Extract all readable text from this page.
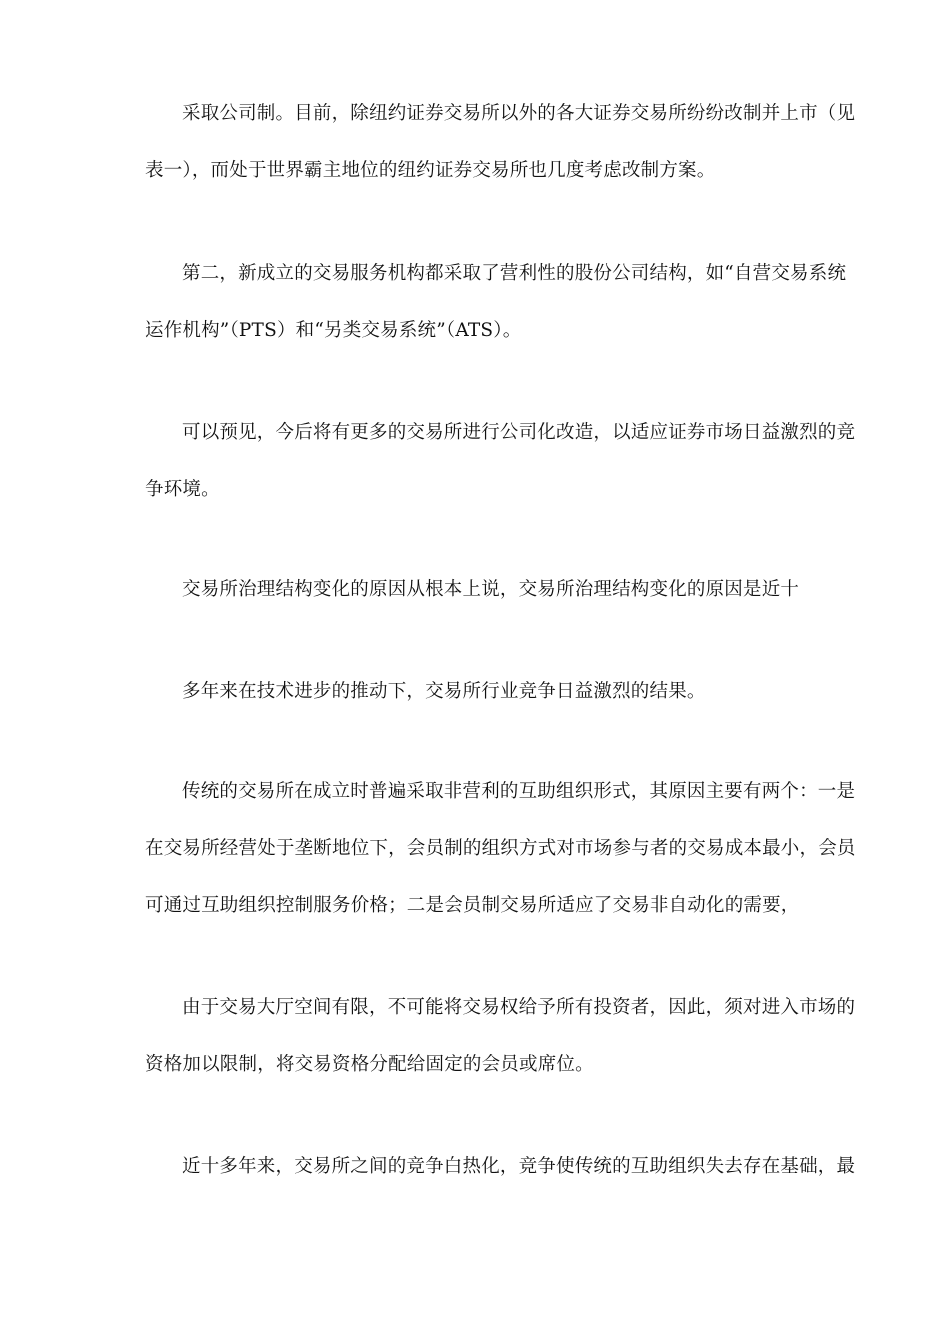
采取公司制。目前，除纽约证券交易所以外的各大证券交易所纷纷改制并上市（见
表一），而处于世界霸主地位的纽约证券交易所也几度考虑改制方案。
第二，新成立的交易服务机构都采取了营利性的股份公司结构，如“自营交易系统
运作机构”（PTS）和“另类交易系统”（ATS）。
可以预见，今后将有更多的交易所进行公司化改造，以适应证券市场日益激烈的竞
争环境。
交易所治理结构变化的原因从根本上说，交易所治理结构变化的原因是近十
多年来在技术进步的推动下，交易所行业竞争日益激烈的结果。
传统的交易所在成立时普遍采取非营利的互助组织形式，其原因主要有两个：一是
在交易所经营处于垄断地位下，会员制的组织方式对市场参与者的交易成本最小，会员
可通过互助组织控制服务价格；二是会员制交易所适应了交易非自动化的需要，
由于交易大厅空间有限，不可能将交易权给予所有投资者，因此，须对进入市场的
资格加以限制，将交易资格分配给固定的会员或席位。
近十多年来，交易所之间的竞争白热化，竞争使传统的互助组织失去存在基础，最
